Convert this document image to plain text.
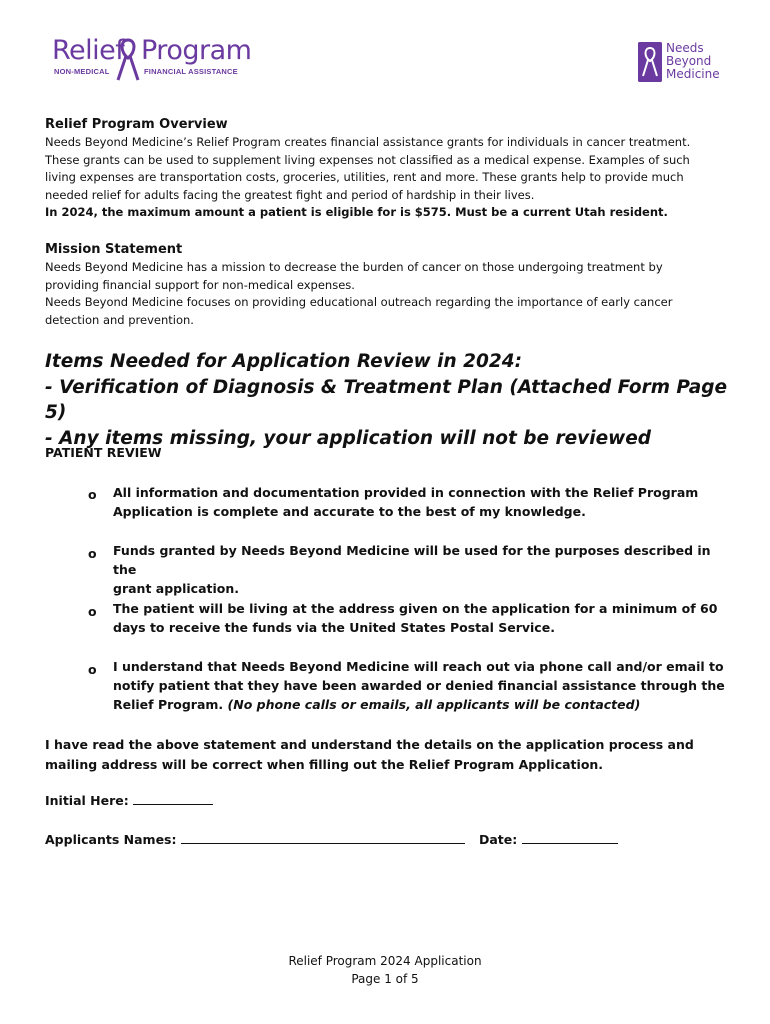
Relief Program
NON-MEDICAL	FINANCIAL ASSISTANCE
Needs
Beyond
Medicine
Relief Program Overview
Needs Beyond Medicine’s Relief Program creates financial assistance grants for individuals in cancer treatment.
These grants can be used to supplement living expenses not classified as a medical expense. Examples of such
living expenses are transportation costs, groceries, utilities, rent and more. These grants help to provide much
needed relief for adults facing the greatest fight and period of hardship in their lives.
In 2024, the maximum amount a patient is eligible for is $575. Must be a current Utah resident.
Mission Statement
Needs Beyond Medicine has a mission to decrease the burden of cancer on those undergoing treatment by
providing financial support for non-medical expenses.
Needs Beyond Medicine focuses on providing educational outreach regarding the importance of early cancer
detection and prevention.
Items Needed for Application Review in 2024:
- Verification of Diagnosis & Treatment Plan (Attached Form Page 5)
- Any items missing, your application will not be reviewed
PATIENT REVIEW
o All information and documentation provided in connection with the Relief Program
Application is complete and accurate to the best of my knowledge.
o Funds granted by Needs Beyond Medicine will be used for the purposes described in the
grant application.
o The patient will be living at the address given on the application for a minimum of 60
days to receive the funds via the United States Postal Service.
o I understand that Needs Beyond Medicine will reach out via phone call and/or email to
notify patient that they have been awarded or denied financial assistance through the
Relief Program. (No phone calls or emails, all applicants will be contacted)
I have read the above statement and understand the details on the application process and
mailing address will be correct when filling out the Relief Program Application.
Initial Here:
Applicants Names:	Date:
Relief Program 2024 Application
Page 1 of 5
